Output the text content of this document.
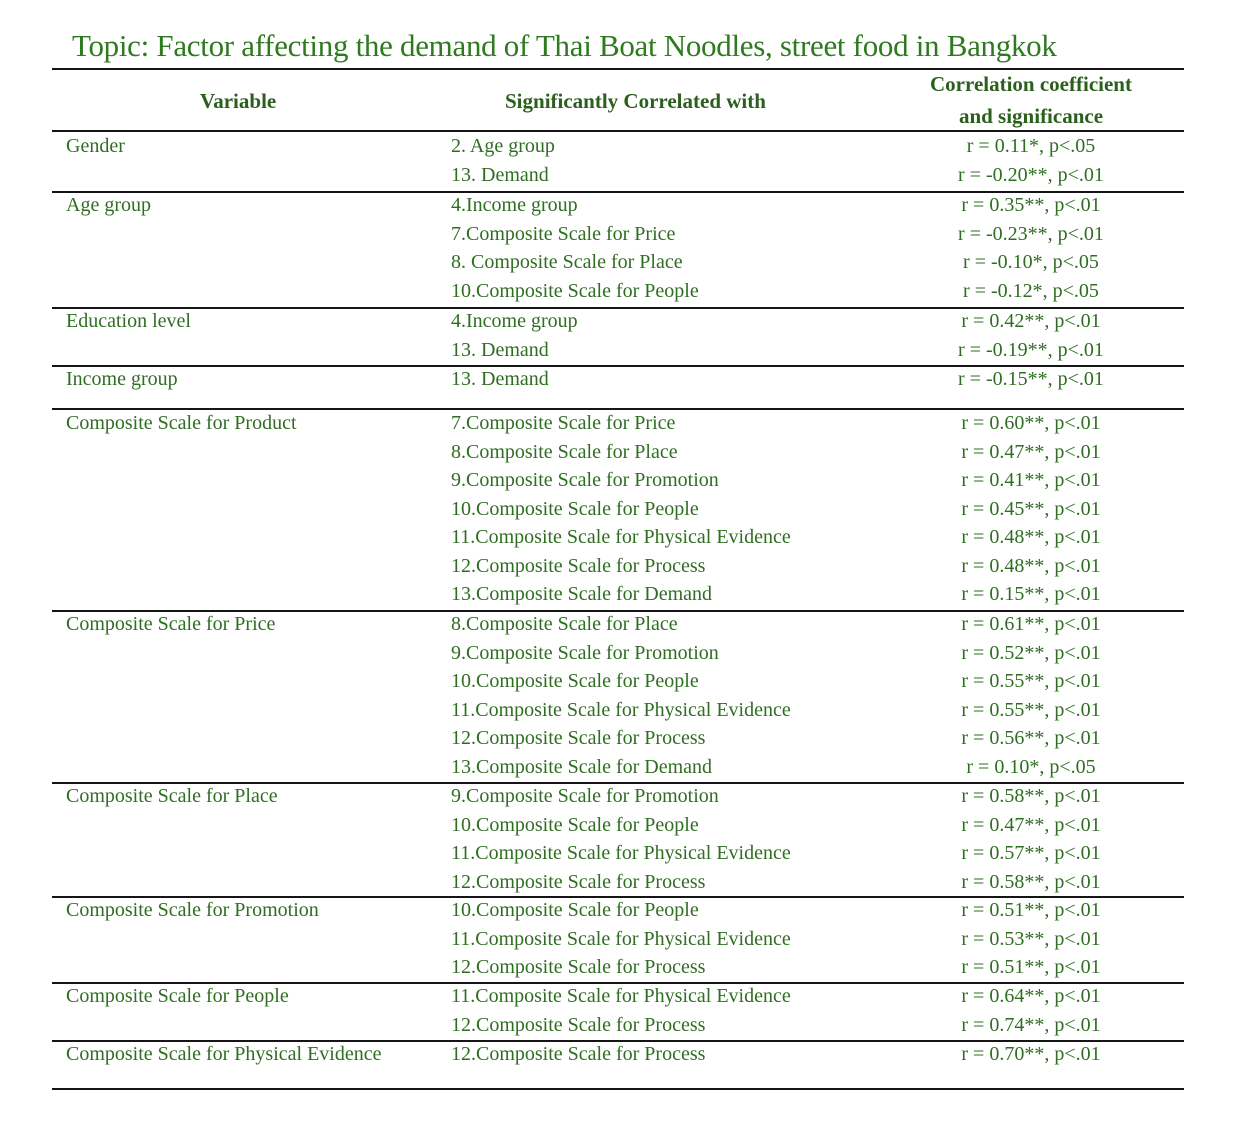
Topic: Factor affecting the demand of Thai Boat Noodles, street food in Bangkok
Variable	Significantly Correlated with
Correlation coefficient
and significance
Gender	2. Age group	r = 0.11*, p<.05
13. Demand	r = -0.20**, p<.01
Age group	4.Income group	r = 0.35**, p<.01
7.Composite Scale for Price	r = -0.23**, p<.01
8. Composite Scale for Place	r = -0.10*, p<.05
10.Composite Scale for People	r = -0.12*, p<.05
Education level	4.Income group	r = 0.42**, p<.01
13. Demand	r = -0.19**, p<.01
Income group	13. Demand	r = -0.15**, p<.01
Composite Scale for Product	7.Composite Scale for Price	r = 0.60**, p<.01
8.Composite Scale for Place	r = 0.47**, p<.01
9.Composite Scale for Promotion	r = 0.41**, p<.01
10.Composite Scale for People	r = 0.45**, p<.01
11.Composite Scale for Physical Evidence	r = 0.48**, p<.01
12.Composite Scale for Process	r = 0.48**, p<.01
13.Composite Scale for Demand	r = 0.15**, p<.01
Composite Scale for Price	8.Composite Scale for Place	r = 0.61**, p<.01
9.Composite Scale for Promotion	r = 0.52**, p<.01
10.Composite Scale for People	r = 0.55**, p<.01
11.Composite Scale for Physical Evidence	r = 0.55**, p<.01
12.Composite Scale for Process	r = 0.56**, p<.01
13.Composite Scale for Demand	r = 0.10*, p<.05
Composite Scale for Place	9.Composite Scale for Promotion	r = 0.58**, p<.01
10.Composite Scale for People	r = 0.47**, p<.01
11.Composite Scale for Physical Evidence	r = 0.57**, p<.01
12.Composite Scale for Process	r = 0.58**, p<.01
Composite Scale for Promotion	10.Composite Scale for People	r = 0.51**, p<.01
11.Composite Scale for Physical Evidence	r = 0.53**, p<.01
12.Composite Scale for Process	r = 0.51**, p<.01
Composite Scale for People	11.Composite Scale for Physical Evidence	r = 0.64**, p<.01
12.Composite Scale for Process	r = 0.74**, p<.01
Composite Scale for Physical Evidence	12.Composite Scale for Process	r = 0.70**, p<.01
